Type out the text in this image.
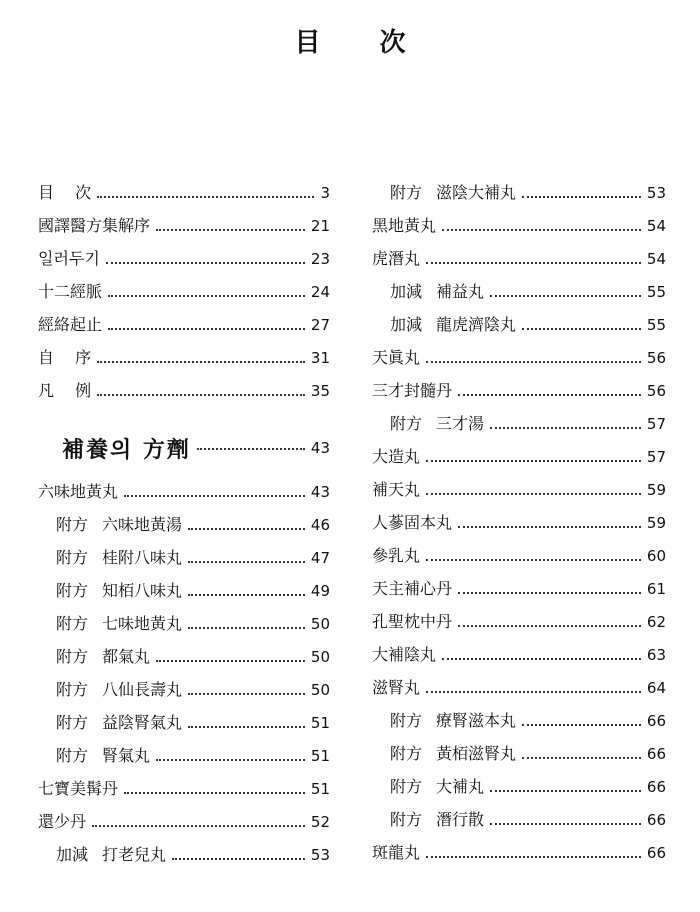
目 次
目　 次	3
國譯醫方集解序	21
일러두기	23
十二經脈	24
經絡起止	27
自　 序	31
凡　 例	35
補養의 方劑	43
六味地黃丸	43
附方 六味地黃湯	46
附方 桂附八味丸	47
附方 知栢八味丸	49
附方 七味地黃丸	50
附方 都氣丸	50
附方 八仙長壽丸	50
附方 益陰腎氣丸	51
附方 腎氣丸	51
七寶美髯丹	51
還少丹	52
加減 打老兒丸	53
附方 滋陰大補丸	53
黑地黃丸	54
虎潛丸	54
加減 補益丸	55
加減 龍虎濟陰丸	55
天眞丸	56
三才封髓丹	56
附方 三才湯	57
大造丸	57
補天丸	59
人蔘固本丸	59
參乳丸	60
天主補心丹	61
孔聖枕中丹	62
大補陰丸	63
滋腎丸	64
附方 療腎滋本丸	66
附方 黃栢滋腎丸	66
附方 大補丸	66
附方 潛行散	66
斑龍丸	66
